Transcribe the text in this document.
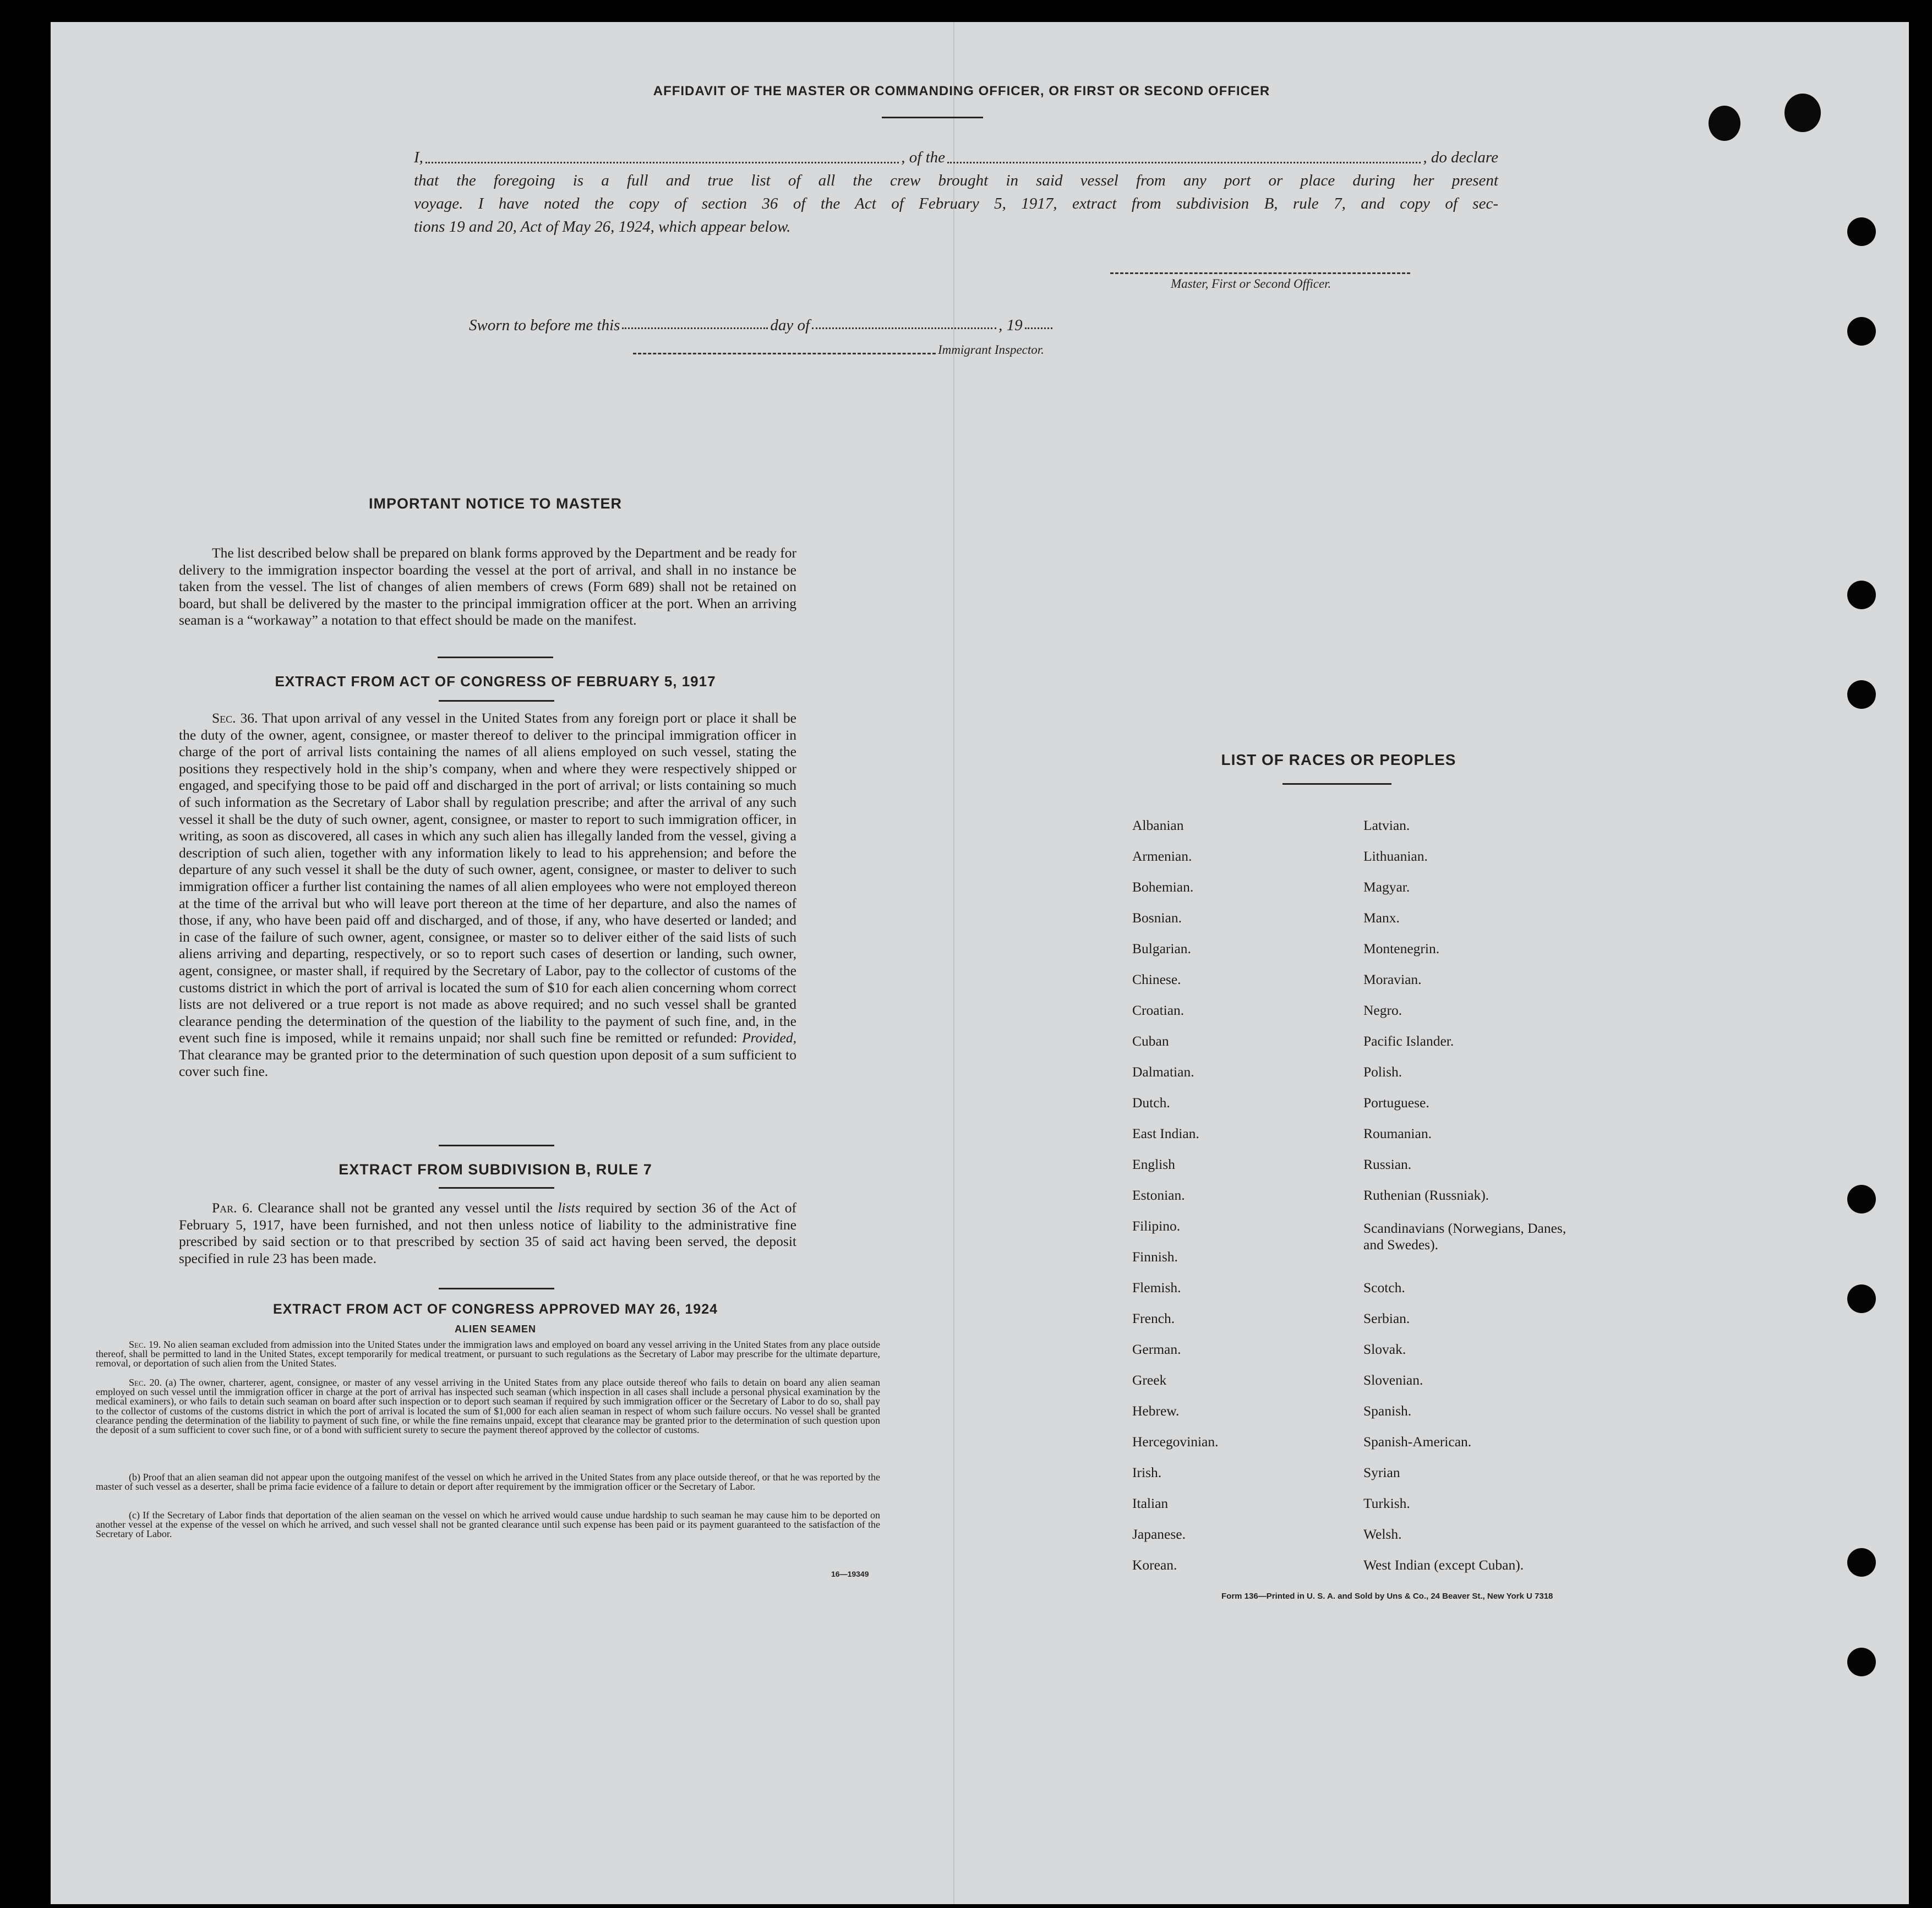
AFFIDAVIT OF THE MASTER OR COMMANDING OFFICER, OR FIRST OR SECOND OFFICER
I,	, of the	, do declare
that the foregoing is a full and true list of all the crew brought in said vessel from any port or place during her present
voyage. I have noted the copy of section 36 of the Act of February 5, 1917, extract from subdivision B, rule 7, and copy of sec-
tions 19 and 20, Act of May 26, 1924, which appear below.
Master, First or Second Officer.
Sworn to before me this	day of	, 19
Immigrant Inspector.
IMPORTANT NOTICE TO MASTER
The list described below shall be prepared on blank forms approved by the Department and be ready for delivery to the immigration inspector boarding the vessel at the port of arrival, and shall in no instance be taken from the vessel. The list of changes of alien members of crews (Form 689) shall not be retained on board, but shall be delivered by the master to the principal immigration officer at the port. When an arriving seaman is a “workaway” a notation to that effect should be made on the manifest.
EXTRACT FROM ACT OF CONGRESS OF FEBRUARY 5, 1917
Sec. 36. That upon arrival of any vessel in the United States from any foreign port or place it shall be the duty of the owner, agent, consignee, or master thereof to deliver to the principal immigration officer in charge of the port of arrival lists containing the names of all aliens employed on such vessel, stating the positions they respectively hold in the ship’s company, when and where they were respectively shipped or engaged, and specifying those to be paid off and discharged in the port of arrival; or lists containing so much of such information as the Secretary of Labor shall by regulation prescribe; and after the arrival of any such vessel it shall be the duty of such owner, agent, consignee, or master to report to such immigration officer, in writing, as soon as discovered, all cases in which any such alien has illegally landed from the vessel, giving a description of such alien, together with any information likely to lead to his apprehension; and before the departure of any such vessel it shall be the duty of such owner, agent, consignee, or master to deliver to such immigration officer a further list containing the names of all alien employees who were not employed thereon at the time of the arrival but who will leave port thereon at the time of her departure, and also the names of those, if any, who have been paid off and discharged, and of those, if any, who have deserted or landed; and in case of the failure of such owner, agent, consignee, or master so to deliver either of the said lists of such aliens arriving and departing, respectively, or so to report such cases of desertion or landing, such owner, agent, consignee, or master shall, if required by the Secretary of Labor, pay to the collector of customs of the customs district in which the port of arrival is located the sum of $10 for each alien concerning whom correct lists are not delivered or a true report is not made as above required; and no such vessel shall be granted clearance pending the determination of the question of the liability to the payment of such fine, and, in the event such fine is imposed, while it remains unpaid; nor shall such fine be remitted or refunded: Provided, That clearance may be granted prior to the determination of such question upon deposit of a sum sufficient to cover such fine.
EXTRACT FROM SUBDIVISION B, RULE 7
Par. 6. Clearance shall not be granted any vessel until the lists required by section 36 of the Act of February 5, 1917, have been furnished, and not then unless notice of liability to the administrative fine prescribed by said section or to that prescribed by section 35 of said act having been served, the deposit specified in rule 23 has been made.
EXTRACT FROM ACT OF CONGRESS APPROVED MAY 26, 1924
ALIEN SEAMEN
Sec. 19. No alien seaman excluded from admission into the United States under the immigration laws and employed on board any vessel arriving in the United States from any place outside thereof, shall be permitted to land in the United States, except temporarily for medical treatment, or pursuant to such regulations as the Secretary of Labor may prescribe for the ultimate departure, removal, or deportation of such alien from the United States.
Sec. 20. (a) The owner, charterer, agent, consignee, or master of any vessel arriving in the United States from any place outside thereof who fails to detain on board any alien seaman employed on such vessel until the immigration officer in charge at the port of arrival has inspected such seaman (which inspection in all cases shall include a personal physical examination by the medical examiners), or who fails to detain such seaman on board after such inspection or to deport such seaman if required by such immigration officer or the Secretary of Labor to do so, shall pay to the collector of customs of the customs district in which the port of arrival is located the sum of $1,000 for each alien seaman in respect of whom such failure occurs. No vessel shall be granted clearance pending the determination of the liability to payment of such fine, or while the fine remains unpaid, except that clearance may be granted prior to the determination of such question upon the deposit of a sum sufficient to cover such fine, or of a bond with sufficient surety to secure the payment thereof approved by the collector of customs.
(b) Proof that an alien seaman did not appear upon the outgoing manifest of the vessel on which he arrived in the United States from any place outside thereof, or that he was reported by the master of such vessel as a deserter, shall be prima facie evidence of a failure to detain or deport after requirement by the immigration officer or the Secretary of Labor.
(c) If the Secretary of Labor finds that deportation of the alien seaman on the vessel on which he arrived would cause undue hardship to such seaman he may cause him to be deported on another vessel at the expense of the vessel on which he arrived, and such vessel shall not be granted clearance until such expense has been paid or its payment guaranteed to the satisfaction of the Secretary of Labor.
16—19349
LIST OF RACES OR PEOPLES
Albanian	Latvian.
Armenian.	Lithuanian.
Bohemian.	Magyar.
Bosnian.	Manx.
Bulgarian.	Montenegrin.
Chinese.	Moravian.
Croatian.	Negro.
Cuban	Pacific Islander.
Dalmatian.	Polish.
Dutch.	Portuguese.
East Indian.	Roumanian.
English	Russian.
Estonian.	Ruthenian (Russniak).
Filipino.	Scandinavians (Norwegians, Danes, and Swedes).
Finnish.
Flemish.	Scotch.
French.	Serbian.
German.	Slovak.
Greek	Slovenian.
Hebrew.	Spanish.
Hercegovinian.	Spanish-American.
Irish.	Syrian
Italian	Turkish.
Japanese.	Welsh.
Korean.	West Indian (except Cuban).
Form 136—Printed in U. S. A. and Sold by Uns & Co., 24 Beaver St., New York U 7318
